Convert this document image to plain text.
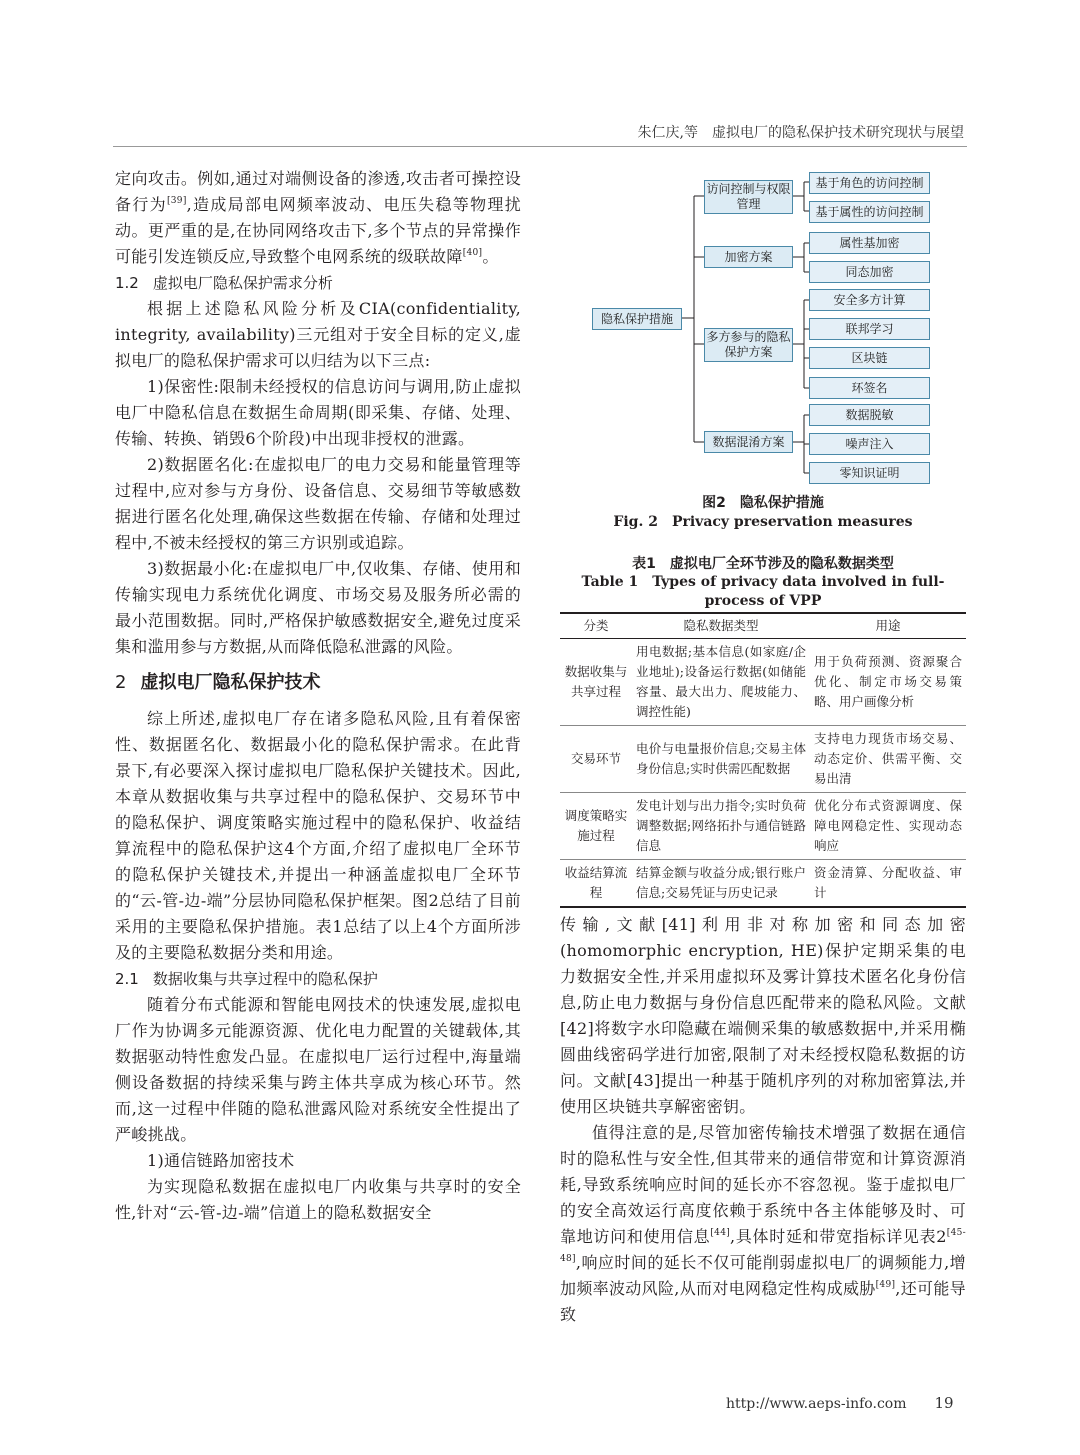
朱仁庆,等　虚拟电厂的隐私保护技术研究现状与展望

定向攻击。例如,通过对端侧设备的渗透,攻击者可操控设备行为[39],造成局部电网频率波动、电压失稳等物理扰动。更严重的是,在协同网络攻击下,多个节点的异常操作可能引发连锁反应,导致整个电网系统的级联故障[40]。

1.2 虚拟电厂隐私保护需求分析

根据上述隐私风险分析及CIA(confidentiality, integrity, availability)三元组对于安全目标的定义,虚拟电厂的隐私保护需求可以归结为以下三点:

1)保密性:限制未经授权的信息访问与调用,防止虚拟电厂中隐私信息在数据生命周期(即采集、存储、处理、传输、转换、销毁6个阶段)中出现非授权的泄露。

2)数据匿名化:在虚拟电厂的电力交易和能量管理等过程中,应对参与方身份、设备信息、交易细节等敏感数据进行匿名化处理,确保这些数据在传输、存储和处理过程中,不被未经授权的第三方识别或追踪。

3)数据最小化:在虚拟电厂中,仅收集、存储、使用和传输实现电力系统优化调度、市场交易及服务所必需的最小范围数据。同时,严格保护敏感数据安全,避免过度采集和滥用参与方数据,从而降低隐私泄露的风险。

2 虚拟电厂隐私保护技术

综上所述,虚拟电厂存在诸多隐私风险,且有着保密性、数据匿名化、数据最小化的隐私保护需求。在此背景下,有必要深入探讨虚拟电厂隐私保护关键技术。因此,本章从数据收集与共享过程中的隐私保护、交易环节中的隐私保护、调度策略实施过程中的隐私保护、收益结算流程中的隐私保护这4个方面,介绍了虚拟电厂全环节的隐私保护关键技术,并提出一种涵盖虚拟电厂全环节的“云-管-边-端”分层协同隐私保护框架。图2总结了目前采用的主要隐私保护措施。表1总结了以上4个方面所涉及的主要隐私数据分类和用途。

2.1 数据收集与共享过程中的隐私保护

随着分布式能源和智能电网技术的快速发展,虚拟电厂作为协调多元能源资源、优化电力配置的关键载体,其数据驱动特性愈发凸显。在虚拟电厂运行过程中,海量端侧设备数据的持续采集与跨主体共享成为核心环节。然而,这一过程中伴随的隐私泄露风险对系统安全性提出了严峻挑战。

1)通信链路加密技术

为实现隐私数据在虚拟电厂内收集与共享时的安全性,针对“云-管-边-端”信道上的隐私数据安全

隐私保护措施
访问控制与权限管理
加密方案
多方参与的隐私保护方案
数据混淆方案
基于角色的访问控制
基于属性的访问控制
属性基加密
同态加密
安全多方计算
联邦学习
区块链
环签名
数据脱敏
噪声注入
零知识证明
图2　隐私保护措施
Fig. 2　Privacy preservation measures
表1　虚拟电厂全环节涉及的隐私数据类型
Table 1　Types of privacy data involved in full-process of VPP
分类	隐私数据类型	用途
数据收集与共享过程	用电数据;基本信息(如家庭/企业地址);设备运行数据(如储能容量、最大出力、爬坡能力、调控性能)	用于负荷预测、资源聚合优化、制定市场交易策略、用户画像分析
交易环节	电价与电量报价信息;交易主体身份信息;实时供需匹配数据	支持电力现货市场交易、动态定价、供需平衡、交易出清
调度策略实施过程	发电计划与出力指令;实时负荷调整数据;网络拓扑与通信链路信息	优化分布式资源调度、保障电网稳定性、实现动态响应
收益结算流程	结算金额与收益分成;银行账户信息;交易凭证与历史记录	资金清算、分配收益、审计

传输,文献[41]利用非对称加密和同态加密(homomorphic encryption, HE)保护定期采集的电力数据安全性,并采用虚拟环及雾计算技术匿名化身份信息,防止电力数据与身份信息匹配带来的隐私风险。文献[42]将数字水印隐藏在端侧采集的敏感数据中,并采用椭圆曲线密码学进行加密,限制了对未经授权隐私数据的访问。文献[43]提出一种基于随机序列的对称加密算法,并使用区块链共享解密密钥。

值得注意的是,尽管加密传输技术增强了数据在通信时的隐私性与安全性,但其带来的通信带宽和计算资源消耗,导致系统响应时间的延长亦不容忽视。鉴于虚拟电厂的安全高效运行高度依赖于系统中各主体能够及时、可靠地访问和使用信息[44],具体时延和带宽指标详见表2[45-48],响应时间的延长不仅可能削弱虚拟电厂的调频能力,增加频率波动风险,从而对电网稳定性构成威胁[49],还可能导致

http://www.aeps-info.com 19
